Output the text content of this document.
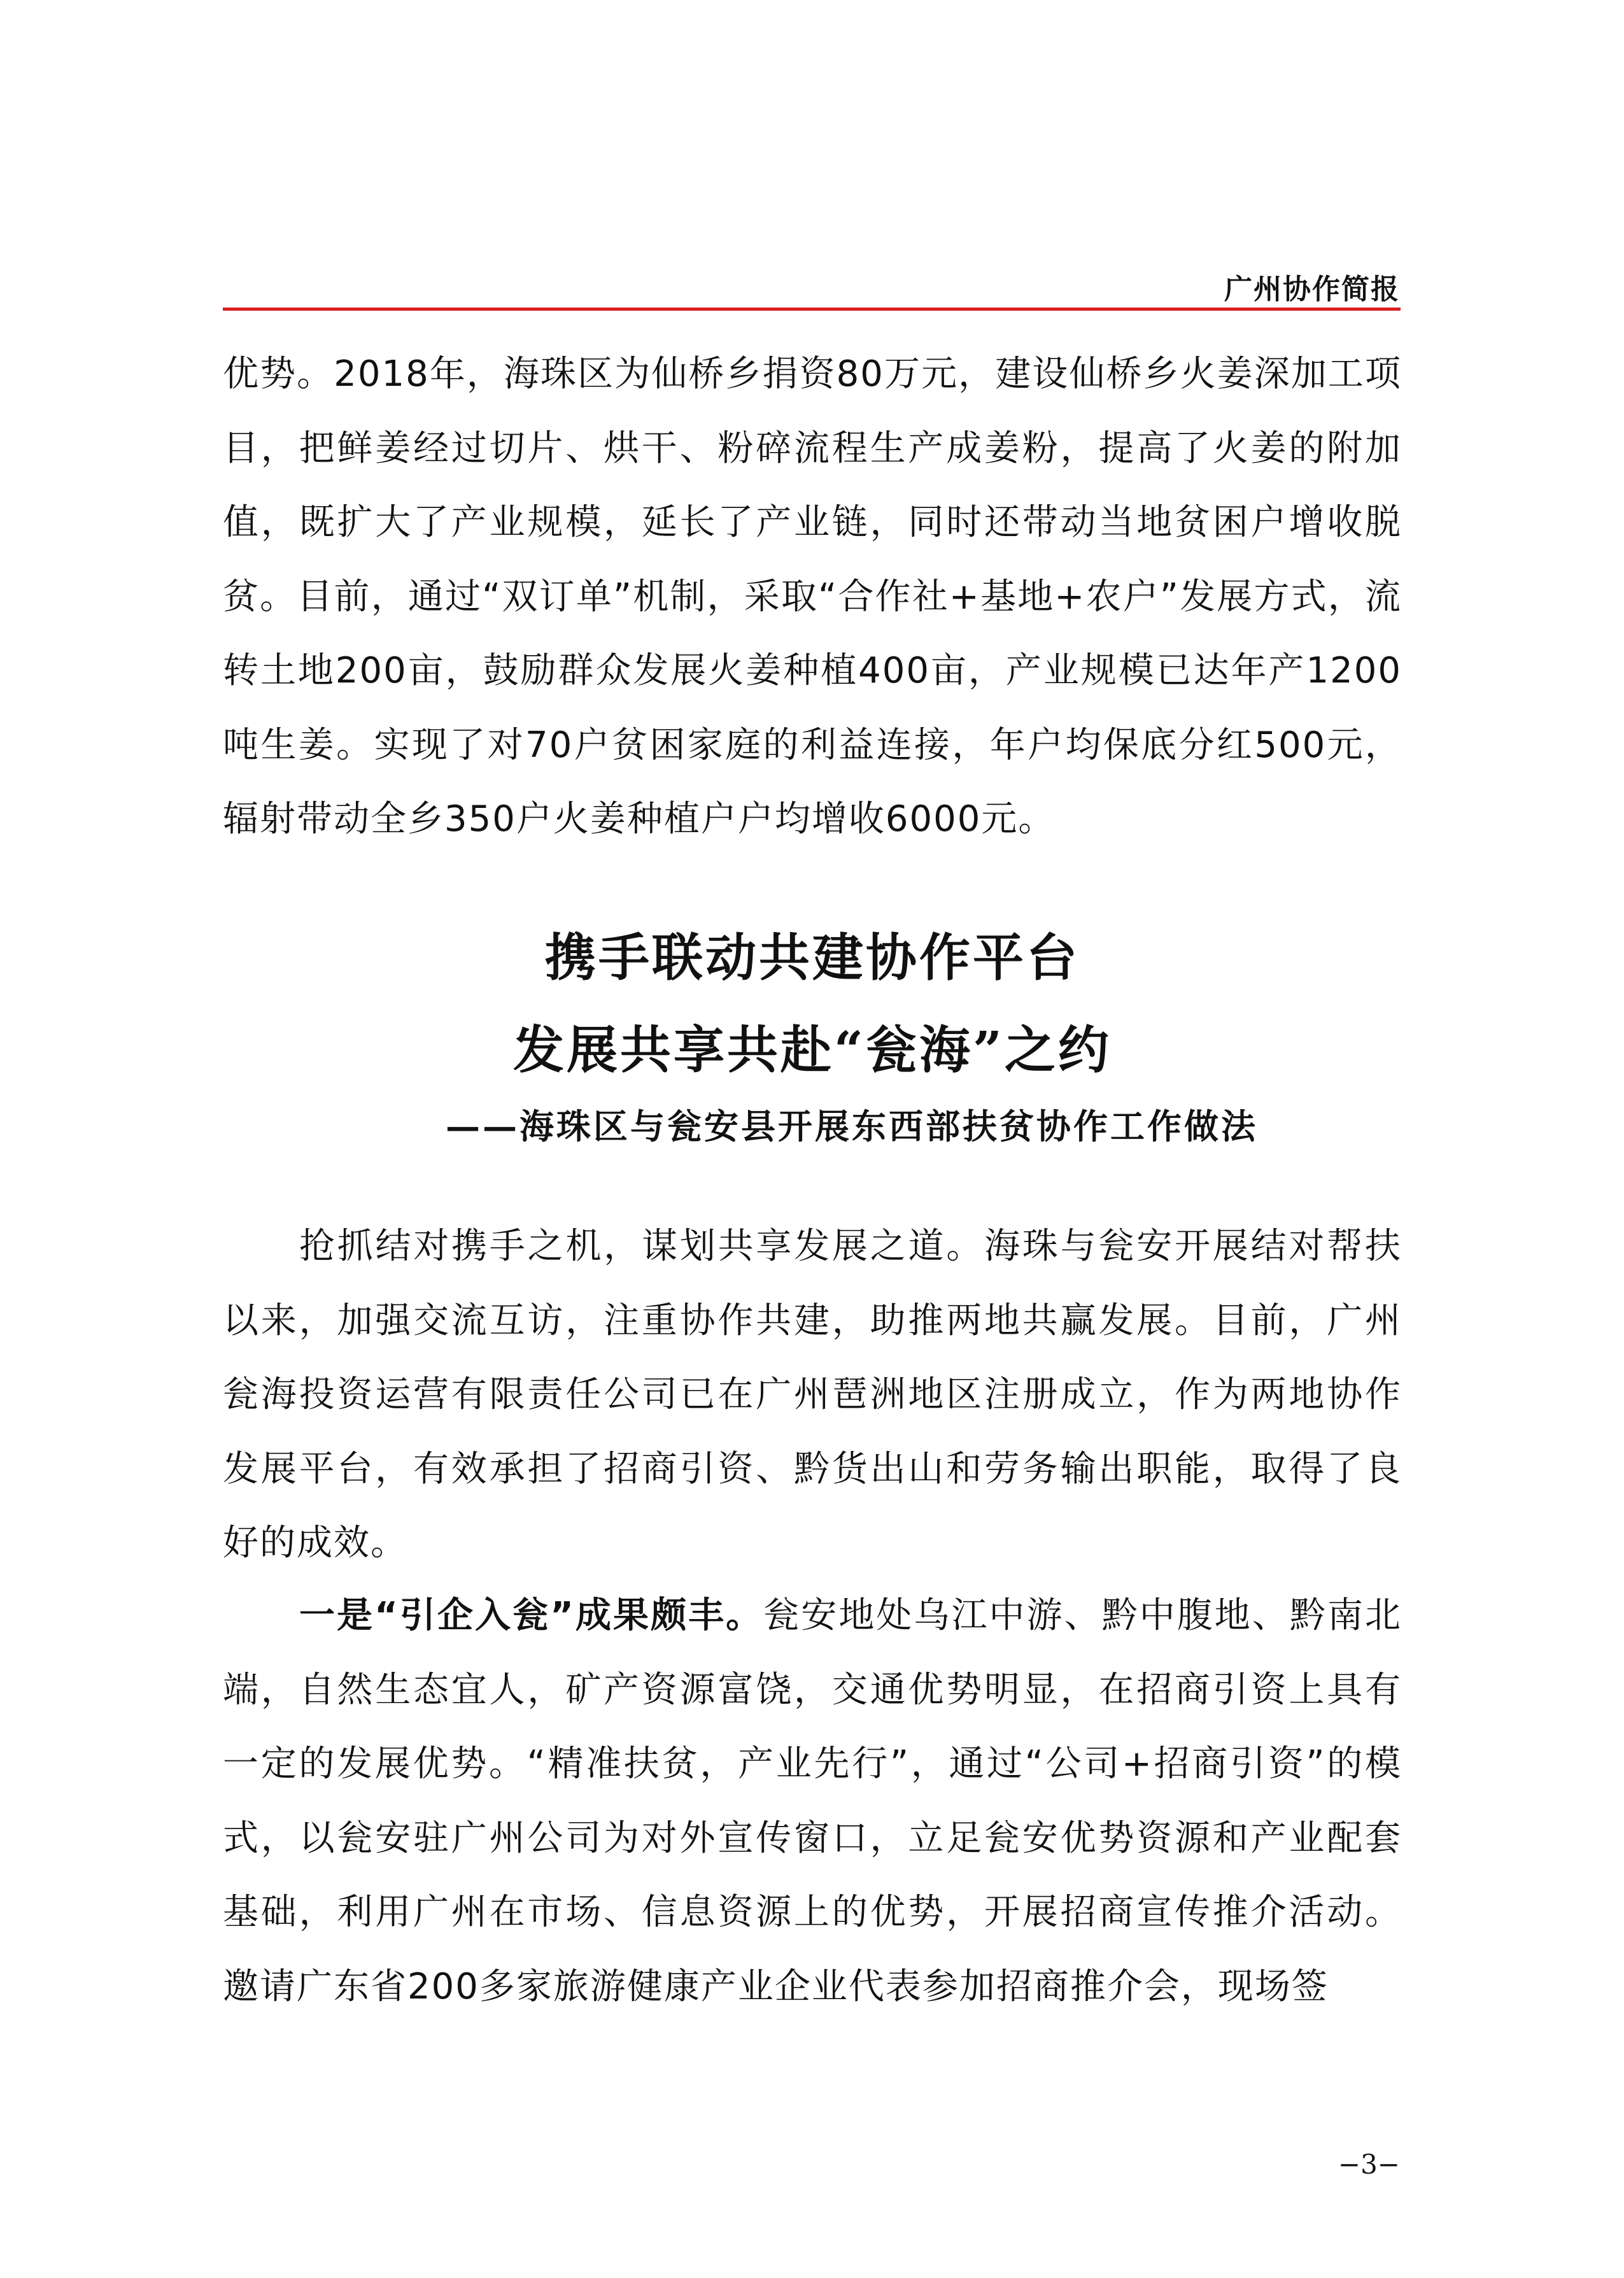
广州协作简报

优势。2018年，海珠区为仙桥乡捐资80万元，建设仙桥乡火姜深加工项目，把鲜姜经过切片、烘干、粉碎流程生产成姜粉，提高了火姜的附加值，既扩大了产业规模，延长了产业链，同时还带动当地贫困户增收脱贫。目前，通过“双订单”机制，采取“合作社+基地+农户”发展方式，流转土地200亩，鼓励群众发展火姜种植400亩，产业规模已达年产1200吨生姜。实现了对70户贫困家庭的利益连接，年户均保底分红500元，辐射带动全乡350户火姜种植户户均增收6000元。

携手联动共建协作平台
发展共享共赴“瓮海”之约
——海珠区与瓮安县开展东西部扶贫协作工作做法

抢抓结对携手之机，谋划共享发展之道。海珠与瓮安开展结对帮扶以来，加强交流互访，注重协作共建，助推两地共赢发展。目前，广州瓮海投资运营有限责任公司已在广州琶洲地区注册成立，作为两地协作发展平台，有效承担了招商引资、黔货出山和劳务输出职能，取得了良好的成效。

一是“引企入瓮”成果颇丰。瓮安地处乌江中游、黔中腹地、黔南北端，自然生态宜人，矿产资源富饶，交通优势明显，在招商引资上具有一定的发展优势。“精准扶贫，产业先行”，通过“公司+招商引资”的模式，以瓮安驻广州公司为对外宣传窗口，立足瓮安优势资源和产业配套基础，利用广州在市场、信息资源上的优势，开展招商宣传推介活动。邀请广东省200多家旅游健康产业企业代表参加招商推介会，现场签

−3−
